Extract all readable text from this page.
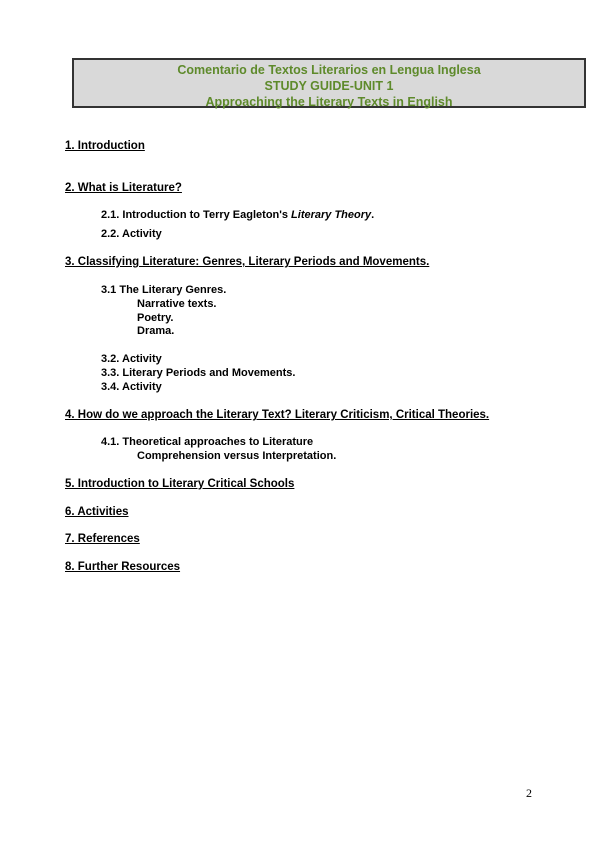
Comentario de Textos Literarios en Lengua Inglesa
STUDY GUIDE-UNIT 1
Approaching the Literary Texts in English
1. Introduction
2. What is Literature?
2.1. Introduction to Terry Eagleton's Literary Theory.
2.2. Activity
3. Classifying Literature: Genres, Literary Periods and Movements.
3.1 The Literary Genres.
Narrative texts.
Poetry.
Drama.
3.2. Activity
3.3. Literary Periods and Movements.
3.4. Activity
4. How do we approach the Literary Text? Literary Criticism, Critical Theories.
4.1. Theoretical approaches to Literature
Comprehension versus Interpretation.
5. Introduction to Literary Critical Schools
6. Activities
7. References
8. Further Resources
2
